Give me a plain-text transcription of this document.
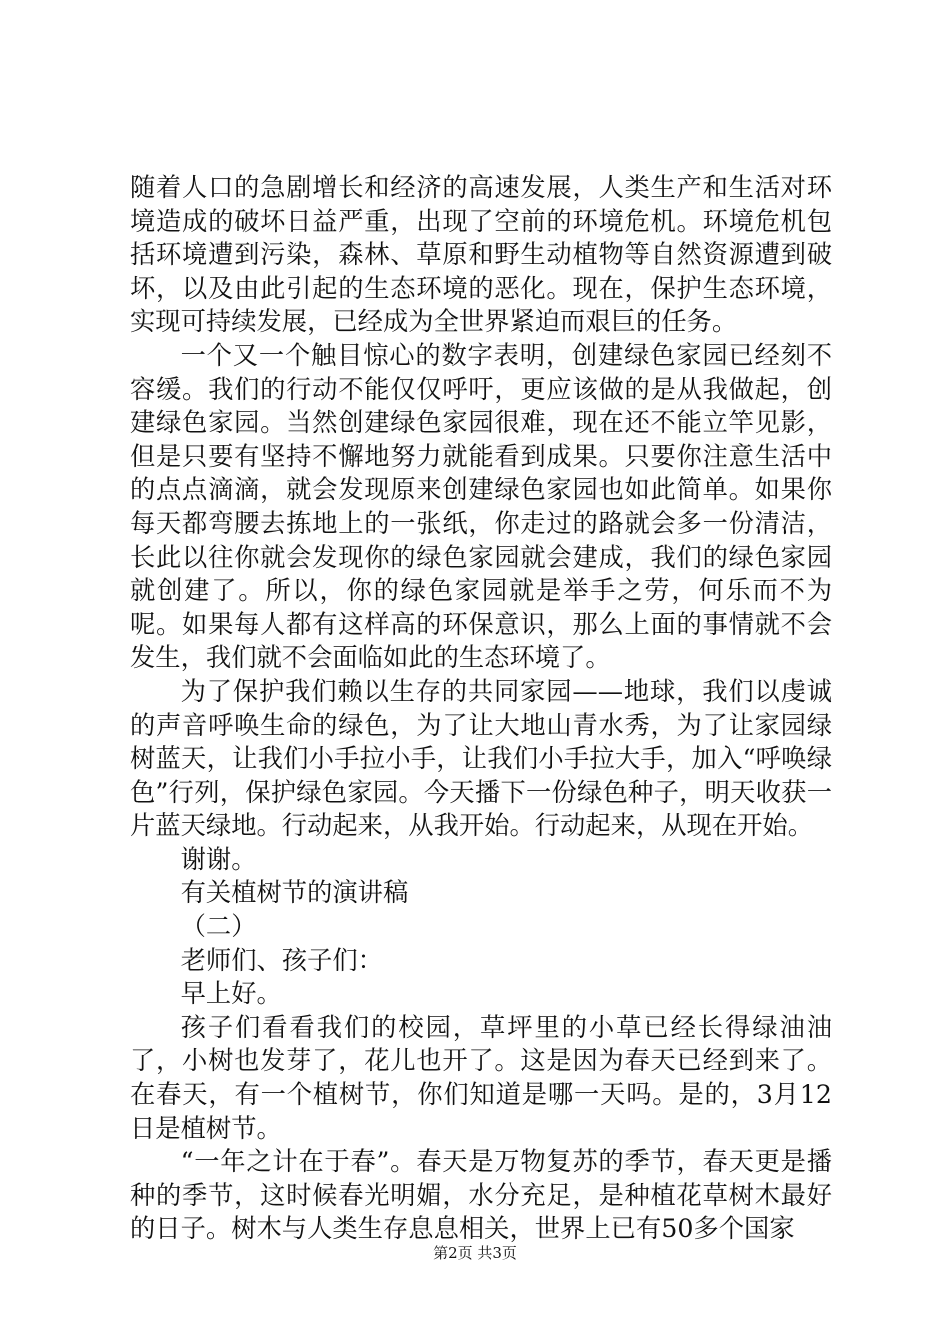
随着人口的急剧增长和经济的高速发展，人类生产和生活对环境造成的破坏日益严重，出现了空前的环境危机。环境危机包括环境遭到污染，森林、草原和野生动植物等自然资源遭到破坏，以及由此引起的生态环境的恶化。现在，保护生态环境，实现可持续发展，已经成为全世界紧迫而艰巨的任务。

一个又一个触目惊心的数字表明，创建绿色家园已经刻不容缓。我们的行动不能仅仅呼吁，更应该做的是从我做起，创建绿色家园。当然创建绿色家园很难，现在还不能立竿见影，但是只要有坚持不懈地努力就能看到成果。只要你注意生活中的点点滴滴，就会发现原来创建绿色家园也如此简单。如果你每天都弯腰去拣地上的一张纸，你走过的路就会多一份清洁，长此以往你就会发现你的绿色家园就会建成，我们的绿色家园就创建了。所以，你的绿色家园就是举手之劳，何乐而不为呢。如果每人都有这样高的环保意识，那么上面的事情就不会发生，我们就不会面临如此的生态环境了。

为了保护我们赖以生存的共同家园——地球，我们以虔诚的声音呼唤生命的绿色，为了让大地山青水秀，为了让家园绿树蓝天，让我们小手拉小手，让我们小手拉大手，加入“呼唤绿色”行列，保护绿色家园。今天播下一份绿色种子，明天收获一片蓝天绿地。行动起来，从我开始。行动起来，从现在开始。

谢谢。

有关植树节的演讲稿

（二）

老师们、孩子们：

早上好。

孩子们看看我们的校园，草坪里的小草已经长得绿油油了，小树也发芽了，花儿也开了。这是因为春天已经到来了。在春天，有一个植树节，你们知道是哪一天吗。是的，3月12日是植树节。

“一年之计在于春”。春天是万物复苏的季节，春天更是播种的季节，这时候春光明媚，水分充足，是种植花草树木最好的日子。树木与人类生存息息相关，世界上已有50多个国家

第2页 共3页
